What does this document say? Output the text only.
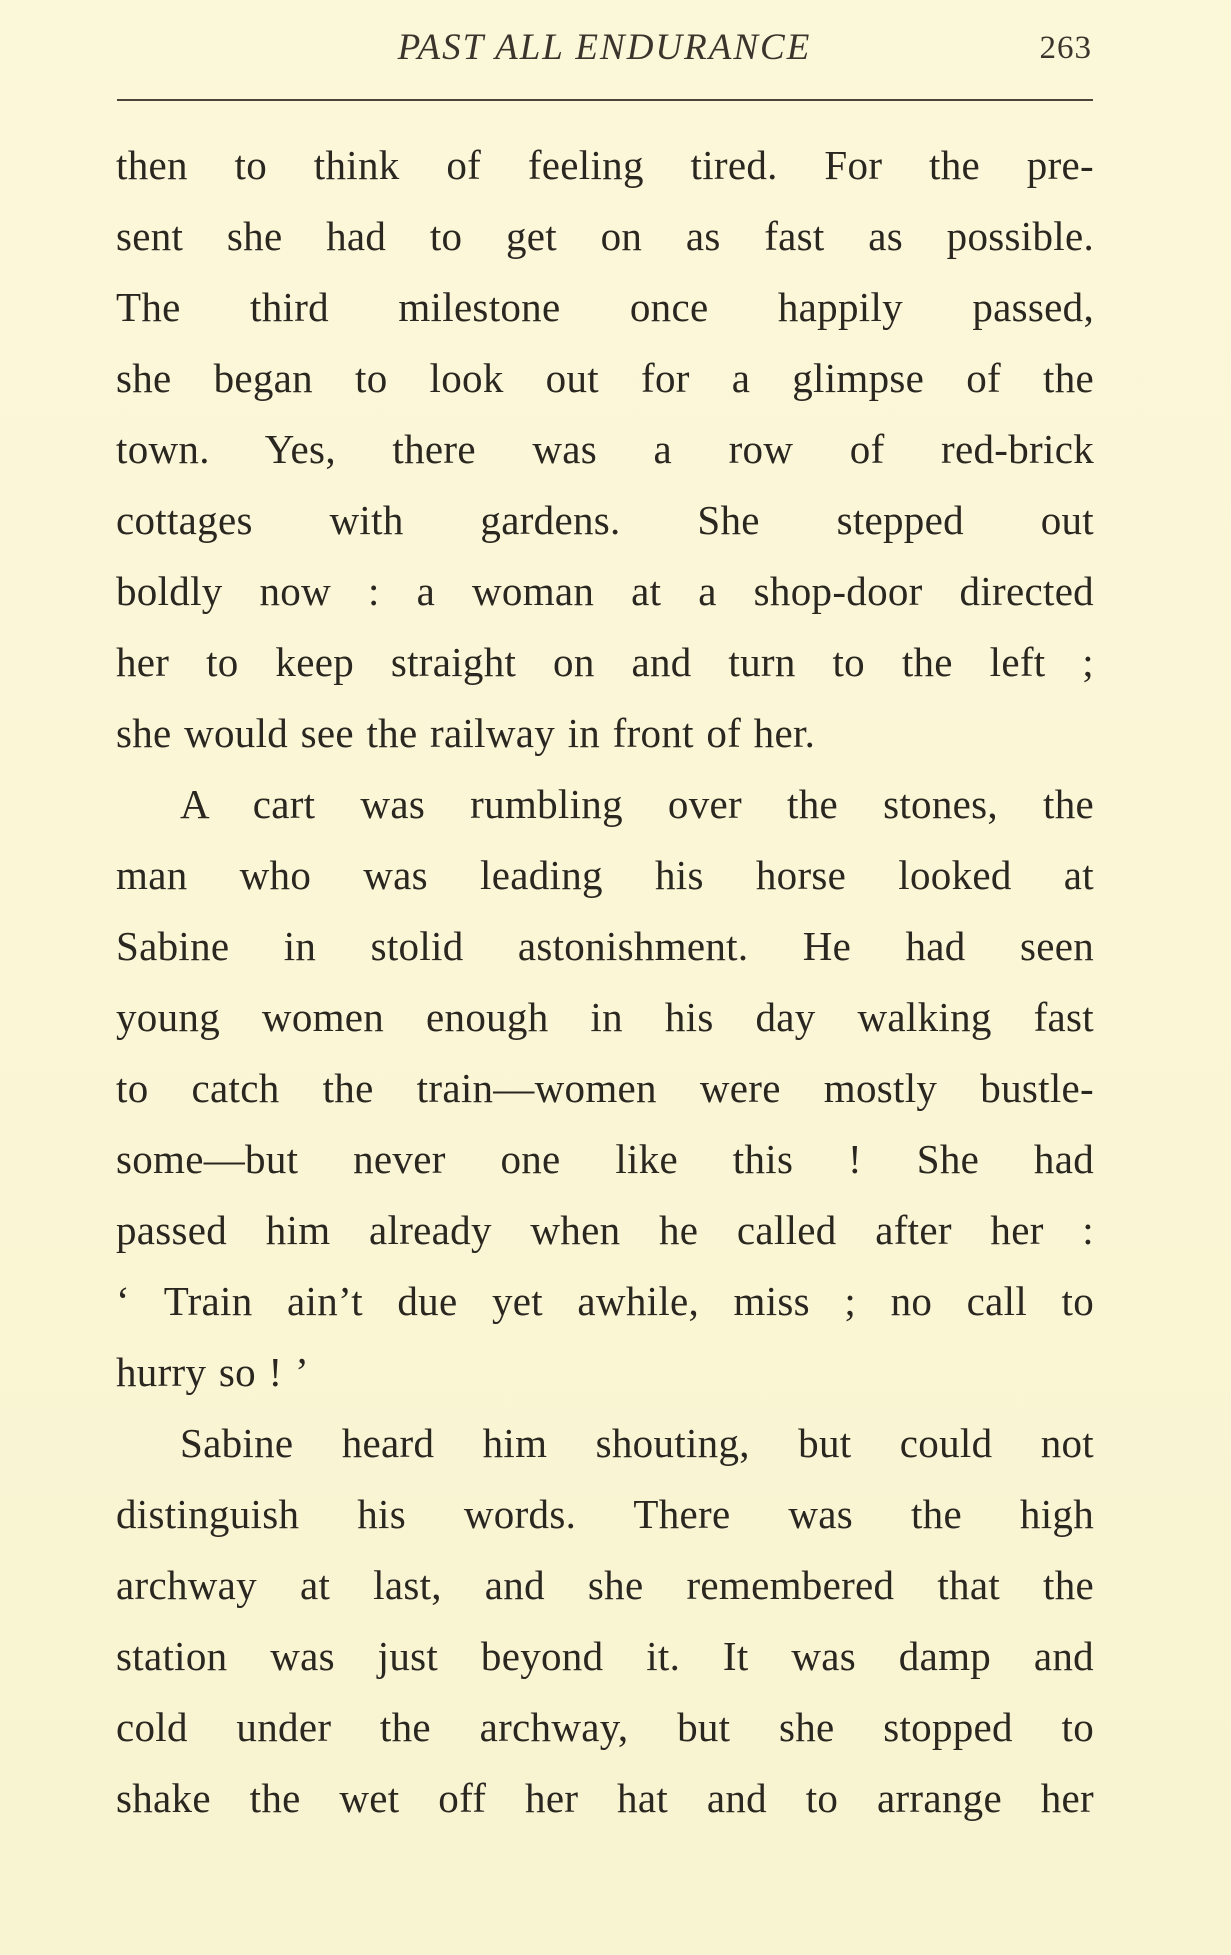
PAST ALL ENDURANCE	263
then to think of feeling tired. For the pre-
sent she had to get on as fast as possible.
The third milestone once happily passed,
she began to look out for a glimpse of the
town. Yes, there was a row of red-brick
cottages with gardens. She stepped out
boldly now : a woman at a shop-door directed
her to keep straight on and turn to the left ;
she would see the railway in front of her.
A cart was rumbling over the stones, the
man who was leading his horse looked at
Sabine in stolid astonishment. He had seen
young women enough in his day walking fast
to catch the train—women were mostly bustle-
some—but never one like this ! She had
passed him already when he called after her :
‘ Train ain’t due yet awhile, miss ; no call to
hurry so ! ’
Sabine heard him shouting, but could not
distinguish his words. There was the high
archway at last, and she remembered that the
station was just beyond it. It was damp and
cold under the archway, but she stopped to
shake the wet off her hat and to arrange her
